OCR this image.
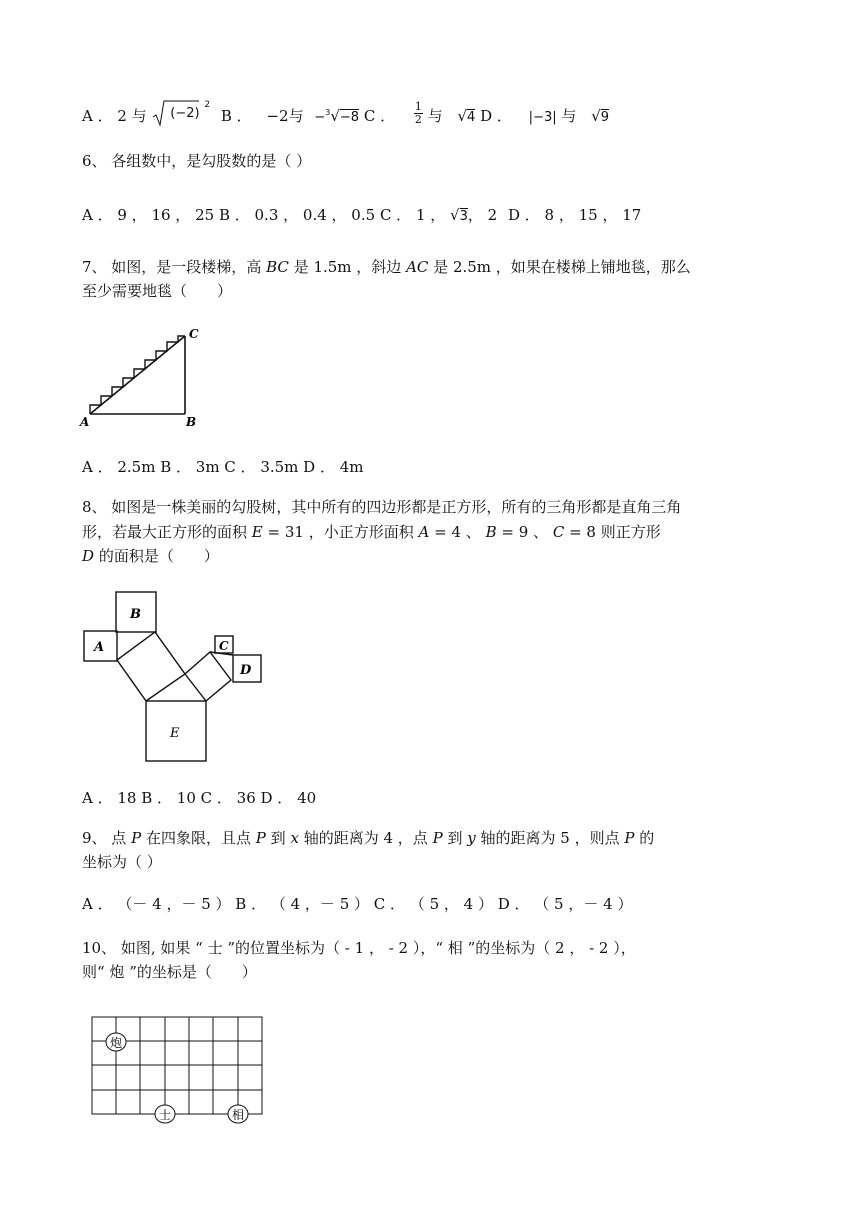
A ． 2 与 (−2) $^2$ B ． −2与 −$^3$√−8 C ． $\frac{1}{2}$ 与 √4 D ． |−3| 与 √9
6、 各组数中，是勾股数的是（ ）
A ． 9 ， 16 ， 25 B ． 0.3 ， 0.4 ， 0.5 C ． 1 ， √3， 2 D ． 8 ， 15 ， 17
7、 如图，是一段楼梯，高 BC 是 1.5m ，斜边 AC 是 2.5m ，如果在楼梯上铺地毯，那么
至少需要地毯（　　）
A	B
C
A ． 2.5m B ． 3m C ． 3.5m D ． 4m
8、 如图是一株美丽的勾股树，其中所有的四边形都是正方形，所有的三角形都是直角三角
形，若最大正方形的面积 E = 31 ，小正方形面积 A = 4 、 B = 9 、 C = 8 则正方形
D 的面积是（　　）
B
A	C
D
E
A ． 18 B ． 10 C ． 36 D ． 40
9、 点 P 在四象限，且点 P 到 x 轴的距离为 4 ，点 P 到 y 轴的距离为 5 ，则点 P 的
坐标为（ ）
A ． （－ 4 ，－ 5 ） B ． （ 4 ，－ 5 ） C ． （ 5 ， 4 ） D ． （ 5 ，－ 4 ）
10、 如图, 如果 “ 士 ”的位置坐标为（ - 1 ， - 2 ），“ 相 ”的坐标为（ 2 ， - 2 ），
则“ 炮 ”的坐标是（　　）
炮
士	相
